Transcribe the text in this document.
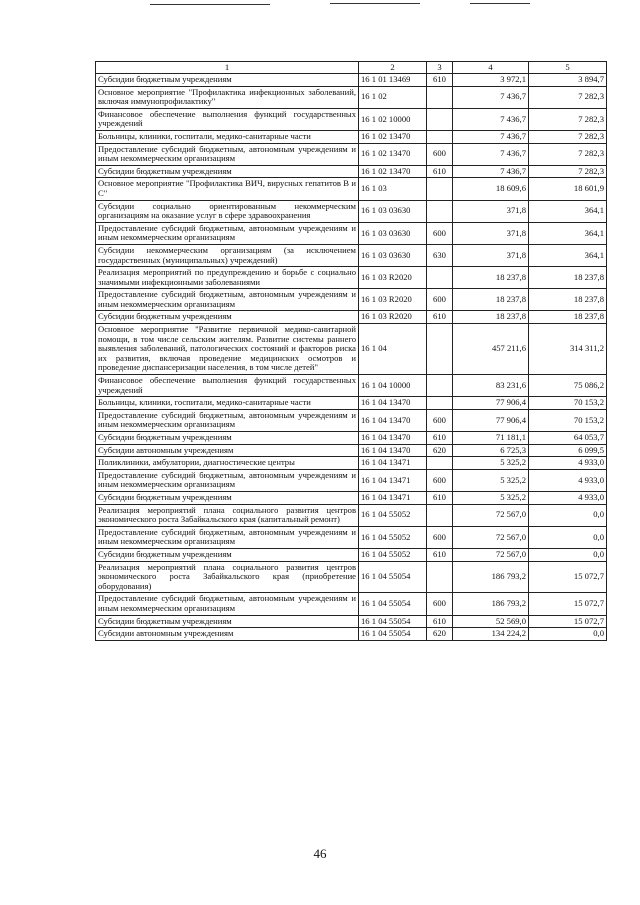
1	2	3	4	5
Субсидии бюджетным учреждениям	16 1 01 13469	610	3 972,1	3 894,7
Основное мероприятие "Профилактика инфекционных заболеваний, включая иммунопрофилактику"	16 1 02		7 436,7	7 282,3
Финансовое обеспечение выполнения функций государственных учреждений	16 1 02 10000		7 436,7	7 282,3
Больницы, клиники, госпитали, медико-санитарные части	16 1 02 13470		7 436,7	7 282,3
Предоставление субсидий бюджетным, автономным учреждениям и иным некоммерческим организациям	16 1 02 13470	600	7 436,7	7 282,3
Субсидии бюджетным учреждениям	16 1 02 13470	610	7 436,7	7 282,3
Основное мероприятие "Профилактика ВИЧ, вирусных гепатитов В и С"	16 1 03		18 609,6	18 601,9
Субсидии социально ориентированным некоммерческим организациям на оказание услуг в сфере здравоохранения	16 1 03 03630		371,8	364,1
Предоставление субсидий бюджетным, автономным учреждениям и иным некоммерческим организациям	16 1 03 03630	600	371,8	364,1
Субсидии некоммерческим организациям (за исключением государственных (муниципальных) учреждений)	16 1 03 03630	630	371,8	364,1
Реализация мероприятий по предупреждению и борьбе с социально значимыми инфекционными заболеваниями	16 1 03 R2020		18 237,8	18 237,8
Предоставление субсидий бюджетным, автономным учреждениям и иным некоммерческим организациям	16 1 03 R2020	600	18 237,8	18 237,8
Субсидии бюджетным учреждениям	16 1 03 R2020	610	18 237,8	18 237,8
Основное мероприятие "Развитие первичной медико-санитарной помощи, в том числе сельским жителям. Развитие системы раннего выявления заболеваний, патологических состояний и факторов риска их развития, включая проведение медицинских осмотров и проведение диспансеризации населения, в том числе детей"	16 1 04		457 211,6	314 311,2
Финансовое обеспечение выполнения функций государственных учреждений	16 1 04 10000		83 231,6	75 086,2
Больницы, клиники, госпитали, медико-санитарные части	16 1 04 13470		77 906,4	70 153,2
Предоставление субсидий бюджетным, автономным учреждениям и иным некоммерческим организациям	16 1 04 13470	600	77 906,4	70 153,2
Субсидии бюджетным учреждениям	16 1 04 13470	610	71 181,1	64 053,7
Субсидии автономным учреждениям	16 1 04 13470	620	6 725,3	6 099,5
Поликлиники, амбулатории, диагностические центры	16 1 04 13471		5 325,2	4 933,0
Предоставление субсидий бюджетным, автономным учреждениям и иным некоммерческим организациям	16 1 04 13471	600	5 325,2	4 933,0
Субсидии бюджетным учреждениям	16 1 04 13471	610	5 325,2	4 933,0
Реализация мероприятий плана социального развития центров экономического роста Забайкальского края (капитальный ремонт)	16 1 04 55052		72 567,0	0,0
Предоставление субсидий бюджетным, автономным учреждениям и иным некоммерческим организациям	16 1 04 55052	600	72 567,0	0,0
Субсидии бюджетным учреждениям	16 1 04 55052	610	72 567,0	0,0
Реализация мероприятий плана социального развития центров экономического роста Забайкальского края (приобретение оборудования)	16 1 04 55054		186 793,2	15 072,7
Предоставление субсидий бюджетным, автономным учреждениям и иным некоммерческим организациям	16 1 04 55054	600	186 793,2	15 072,7
Субсидии бюджетным учреждениям	16 1 04 55054	610	52 569,0	15 072,7
Субсидии автономным учреждениям	16 1 04 55054	620	134 224,2	0,0
46
